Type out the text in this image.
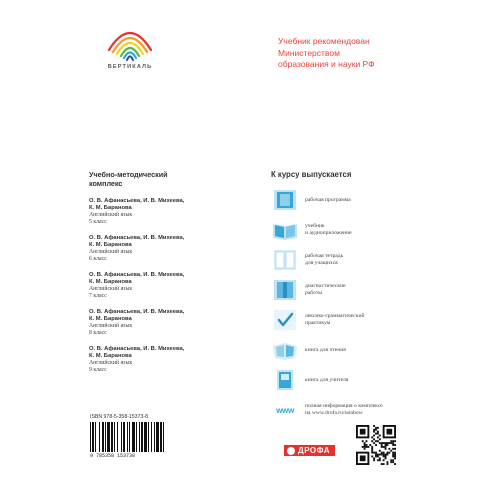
ВЕРТИКАЛЬ
Учебник рекомендован
Министерством
образования и науки РФ
Учебно-методический
комплекс
О. В. Афанасьева, И. В. Михеева,
К. М. Баранова
Английский язык
5 класс
О. В. Афанасьева, И. В. Михеева,
К. М. Баранова
Английский язык
6 класс
О. В. Афанасьева, И. В. Михеева,
К. М. Баранова
Английский язык
7 класс
О. В. Афанасьева, И. В. Михеева,
К. М. Баранова
Английский язык
8 класс
О. В. Афанасьева, И. В. Михеева,
К. М. Баранова
Английский язык
9 класс
К курсу выпускается
рабочая программа
учебник
и аудиоприложение
рабочая тетрадь
для учащихся
диагностические
работы
лексико-грамматический
практикум
книга для чтения
книга для учителя
www	полная информация о комплексе
на www.drofa.ru/rainbow
ISBN 978-5-358-15373-8
9 785358 153738
ДРОФА
